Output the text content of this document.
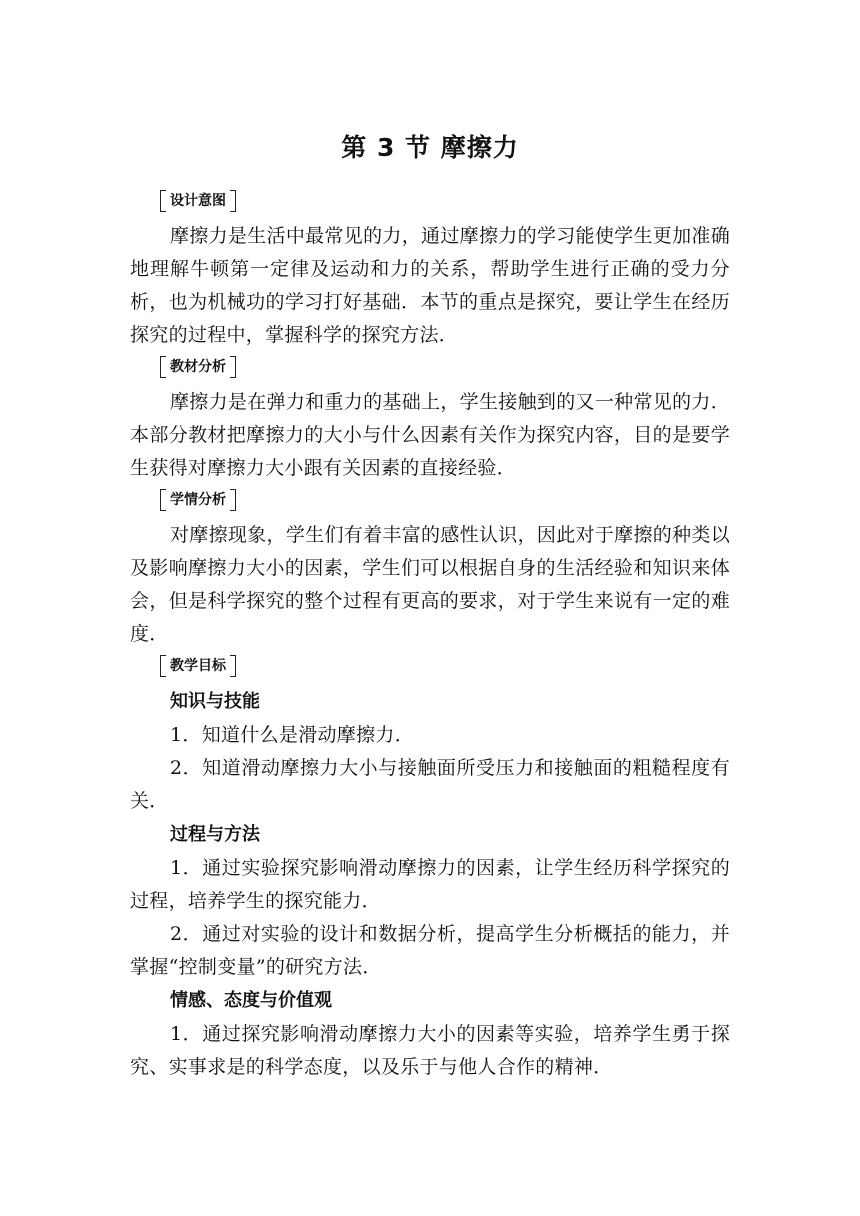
第 3 节 摩擦力
设计意图

摩擦力是生活中最常见的力，通过摩擦力的学习能使学生更加准确地理解牛顿第一定律及运动和力的关系，帮助学生进行正确的受力分析，也为机械功的学习打好基础．本节的重点是探究，要让学生在经历探究的过程中，掌握科学的探究方法．

教材分析

摩擦力是在弹力和重力的基础上，学生接触到的又一种常见的力．本部分教材把摩擦力的大小与什么因素有关作为探究内容，目的是要学生获得对摩擦力大小跟有关因素的直接经验．

学情分析

对摩擦现象，学生们有着丰富的感性认识，因此对于摩擦的种类以及影响摩擦力大小的因素，学生们可以根据自身的生活经验和知识来体会，但是科学探究的整个过程有更高的要求，对于学生来说有一定的难度．

教学目标
知识与技能

1．知道什么是滑动摩擦力．

2．知道滑动摩擦力大小与接触面所受压力和接触面的粗糙程度有关．

过程与方法

1．通过实验探究影响滑动摩擦力的因素，让学生经历科学探究的过程，培养学生的探究能力．

2．通过对实验的设计和数据分析，提高学生分析概括的能力，并掌握“控制变量”的研究方法．

情感、态度与价值观

1．通过探究影响滑动摩擦力大小的因素等实验，培养学生勇于探究、实事求是的科学态度，以及乐于与他人合作的精神．
